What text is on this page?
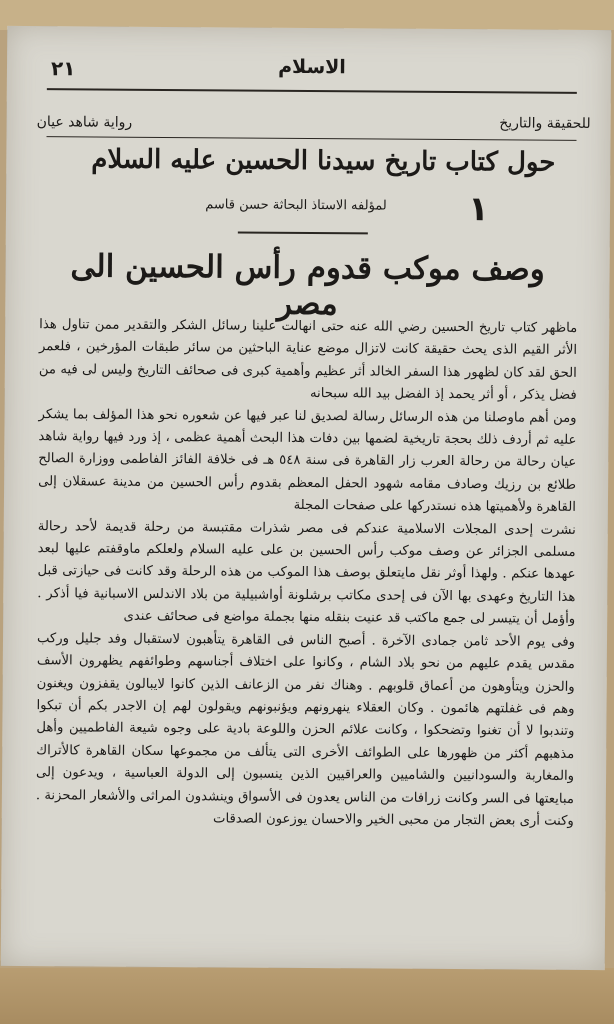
٢١	الاسلام
للحقيقة والتاريخ
رواية شاهد عيان
حول كتاب تاريخ سيدنا الحسين عليه السلام
لمؤلفه الاستاذ البحاثة حسن قاسم	١
وصف موكب قدوم رأس الحسين الى مصر

ماظهر كتاب تاريخ الحسين رضي الله عنه حتى انهالت علينا رسائل الشكر والتقدير ممن تناول هذا الأثر القيم الذى يحث حقيقة كانت لاتزال موضع عناية الباحثين من سائر طبقات المؤرخين ، فلعمر الحق لقد كان لظهور هذا السفر الخالد أثر عظيم وأهمية كبرى فى صحائف التاريخ وليس لى فيه من فضل يذكر ، أو أثر يحمد إذ الفضل بيد الله سبحانه

ومن أهم ماوصلنا من هذه الرسائل رسالة لصديق لنا عبر فيها عن شعوره نحو هذا المؤلف بما يشكر عليه ثم أردف ذلك بحجة تاريخية لضمها بين دفات هذا البحث أهمية عظمى ، إذ ورد فيها رواية شاهد عيان رحالة من رحالة العرب زار القاهرة فى سنة ٥٤٨ هـ فى خلافة الفائز الفاطمى ووزارة الصالح طلائع بن رزيك وصادف مقامه شهود الحفل المعظم بقدوم رأس الحسين من مدينة عسقلان إلى القاهرة ولأهميتها هذه نستدركها على صفحات المجلة

نشرت إحدى المجلات الاسلامية عندكم فى مصر شذرات مقتبسة من رحلة قديمة لأحد رحالة مسلمى الجزائر عن وصف موكب رأس الحسين بن على عليه السلام ولعلكم ماوقفتم عليها لبعد عهدها عنكم . ولهذا أوثر نقل مايتعلق بوصف هذا الموكب من هذه الرحلة وقد كانت فى حيازتى قبل هذا التاريخ وعهدى بها الآن فى إحدى مكاتب برشلونة أواشبيلية من بلاد الاندلس الاسبانية فيا أذكر . وأؤمل أن يتيسر لى جمع ماكتب قد عنيت بنقله منها بجملة مواضع فى صحائف عندى

وفى يوم الأحد ثامن جمادى الآخرة . أصبح الناس فى القاهرة يتأهبون لاستقبال وفد جليل وركب مقدس يقدم عليهم من نحو بلاد الشام ، وكانوا على اختلاف أجناسهم وطوائفهم يظهرون الأسف والحزن ويتأوهون من أعماق قلوبهم . وهناك نفر من الزعانف الذين كانوا لايبالون يقفزون ويغنون وهم فى غفلتهم هائمون . وكان العقلاء ينهرونهم ويؤنبونهم ويقولون لهم إن الاجدر بكم أن تبكوا وتندبوا لا أن تغنوا وتضحكوا ، وكانت علائم الحزن واللوعة بادية على وجوه شيعة الفاطميين وأهل مذهبهم أكثر من ظهورها على الطوائف الأخرى التى يتألف من مجموعها سكان القاهرة كالأتراك والمغاربة والسودانيين والشاميين والعراقيين الذين ينسبون إلى الدولة العباسية ، ويدعون إلى مبايعتها فى السر وكانت زرافات من الناس يعدون فى الأسواق وينشدون المراثى والأشعار المحزنة . وكنت أرى بعض التجار من محبى الخير والاحسان يوزعون الصدقات
